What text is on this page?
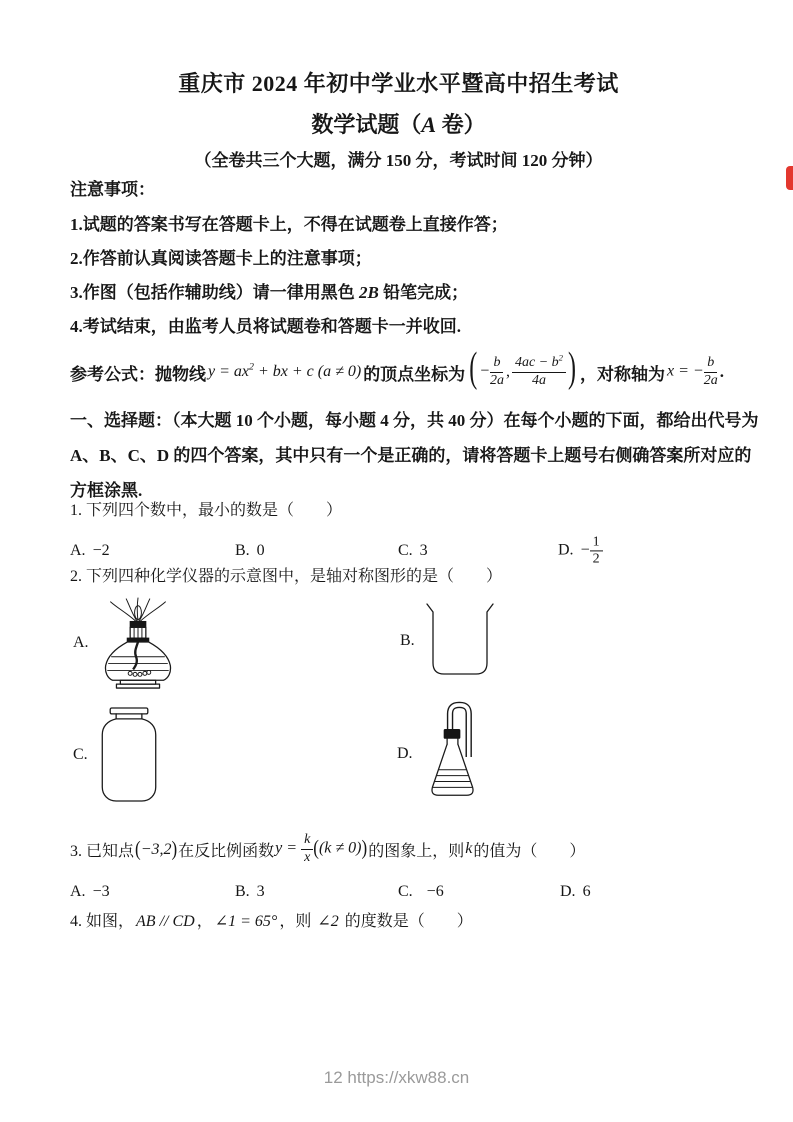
重庆市 2024 年初中学业水平暨高中招生考试
数学试题（A 卷）
（全卷共三个大题，满分 150 分，考试时间 120 分钟）
注意事项：
1.试题的答案书写在答题卡上，不得在试题卷上直接作答；
2.作答前认真阅读答题卡上的注意事项；
3.作图（包括作辅助线）请一律用黑色 2B 铅笔完成；
4.考试结束，由监考人员将试题卷和答题卡一并收回.
参考公式：抛物线 $y = ax^2$ + bx + c (a ≠ 0) 的顶点坐标为 ( − $\frac{b}{2a}$ , $\frac{4ac - b^2}{4a}$ ) ，对称轴为 x = − $\frac{b}{2a}$ .
一、选择题：（本大题 10 个小题，每小题 4 分，共 40 分）在每个小题的下面，都给出代号为
A、B、C、D 的四个答案，其中只有一个是正确的，请将答题卡上题号右侧确答案所对应的
方框涂黑.
1. 下列四个数中，最小的数是（　　）
A. −2	B. 0	C. 3	D. − $\frac{1}{2}$
2. 下列四种化学仪器的示意图中，是轴对称图形的是（　　）
A.	B.
C.	D.
3. 已知点 (−3,2) 在反比例函数 $y = \frac{k}{x} ((k \ne 0))$ 的图象上，则 k 的值为（　　）
A. −3	B. 3	C. −6	D. 6
4. 如图， AB // CD ， ∠1 = 65° ，则 ∠2 的度数是（　　）
12 https://xkw88.cn
